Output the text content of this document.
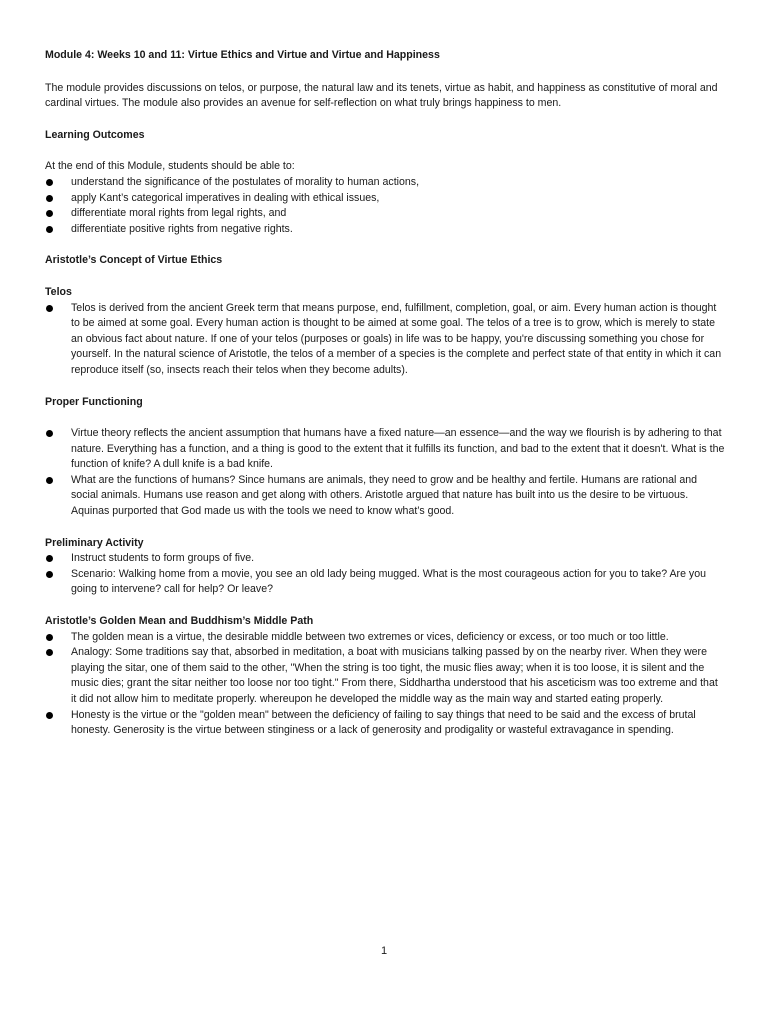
Module 4: Weeks 10 and 11: Virtue Ethics and Virtue and Virtue and Happiness
The module provides discussions on telos, or purpose, the natural law and its tenets, virtue as habit, and happiness as constitutive of moral and cardinal virtues. The module also provides an avenue for self-reflection on what truly brings happiness to men.
Learning Outcomes
At the end of this Module, students should be able to:
understand the significance of the postulates of morality to human actions,
apply Kant’s categorical imperatives in dealing with ethical issues,
differentiate moral rights from legal rights, and
differentiate positive rights from negative rights.
Aristotle’s Concept of Virtue Ethics
Telos
Telos is derived from the ancient Greek term that means purpose, end, fulfillment, completion, goal, or aim. Every human action is thought to be aimed at some goal. Every human action is thought to be aimed at some goal. The telos of a tree is to grow, which is merely to state an obvious fact about nature. If one of your telos (purposes or goals) in life was to be happy, you're discussing something you chose for yourself. In the natural science of Aristotle, the telos of a member of a species is the complete and perfect state of that entity in which it can reproduce itself (so, insects reach their telos when they become adults).
Proper Functioning
Virtue theory reflects the ancient assumption that humans have a fixed nature—an essence—and the way we flourish is by adhering to that nature. Everything has a function, and a thing is good to the extent that it fulfills its function, and bad to the extent that it doesn't. What is the function of knife? A dull knife is a bad knife.
What are the functions of humans? Since humans are animals, they need to grow and be healthy and fertile. Humans are rational and social animals. Humans use reason and get along with others. Aristotle argued that nature has built into us the desire to be virtuous. Aquinas purported that God made us with the tools we need to know what’s good.
Preliminary Activity
Instruct students to form groups of five.
Scenario: Walking home from a movie, you see an old lady being mugged. What is the most courageous action for you to take? Are you going to intervene? call for help? Or leave?
Aristotle’s Golden Mean and Buddhism’s Middle Path
The golden mean is a virtue, the desirable middle between two extremes or vices, deficiency or excess, or too much or too little.
Analogy: Some traditions say that, absorbed in meditation, a boat with musicians talking passed by on the nearby river. When they were playing the sitar, one of them said to the other, "When the string is too tight, the music flies away; when it is too loose, it is silent and the music dies; grant the sitar neither too loose nor too tight." From there, Siddhartha understood that his asceticism was too extreme and that it did not allow him to meditate properly. whereupon he developed the middle way as the main way and started eating properly.
Honesty is the virtue or the "golden mean" between the deficiency of failing to say things that need to be said and the excess of brutal honesty. Generosity is the virtue between stinginess or a lack of generosity and prodigality or wasteful extravagance in spending.
1
